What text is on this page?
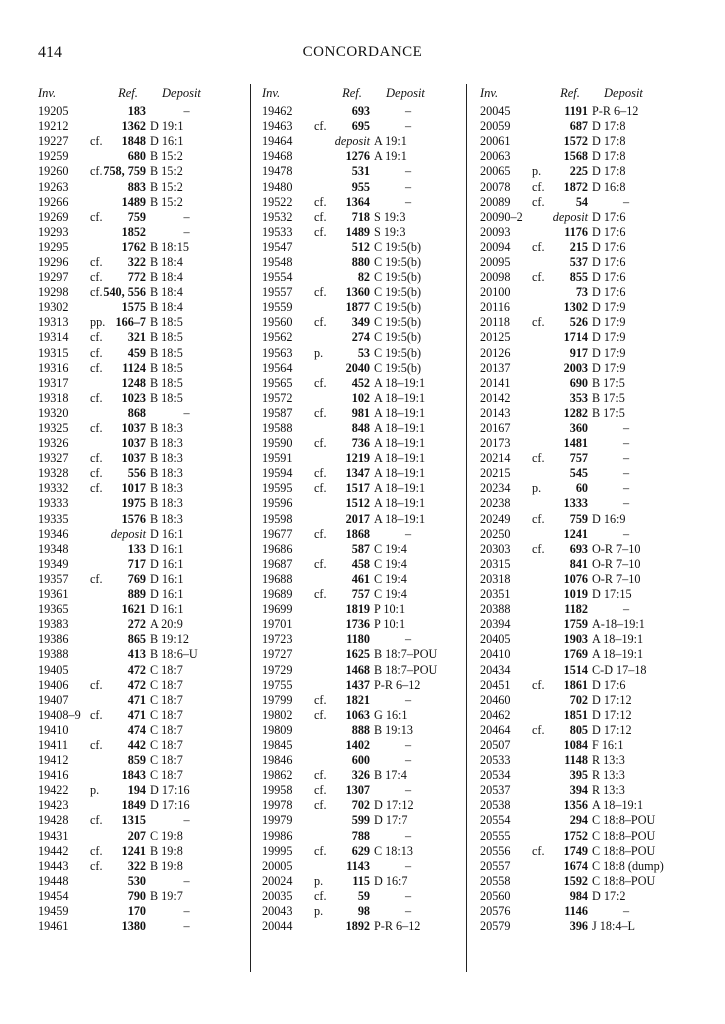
414	CONCORDANCE
Inv.	Ref.	Deposit
19205	183	–
19212	1362 D 19:1
19227	cf. 1848 D 16:1
19259	680 B 15:2
19260	cf. 758, 759 B 15:2
19263	883 B 15:2
19266	1489 B 15:2
19269	cf. 759	–
19293	1852	–
19295	1762 B 18:15
19296	cf. 322 B 18:4
19297	cf. 772 B 18:4
19298	cf. 540, 556 B 18:4
19302	1575 B 18:4
19313	pp. 166–7 B 18:5
19314	cf. 321 B 18:5
19315	cf. 459 B 18:5
19316	cf. 1124 B 18:5
19317	1248 B 18:5
19318	cf. 1023 B 18:5
19320	868	–
19325	cf. 1037 B 18:3
19326	1037 B 18:3
19327	cf. 1037 B 18:3
19328	cf. 556 B 18:3
19332	cf. 1017 B 18:3
19333	1975 B 18:3
19335	1576 B 18:3
19346	deposit D 16:1
19348	133 D 16:1
19349	717 D 16:1
19357	cf. 769 D 16:1
19361	889 D 16:1
19365	1621 D 16:1
19383	272 A 20:9
19386	865 B 19:12
19388	413 B 18:6–U
19405	472 C 18:7
19406	cf. 472 C 18:7
19407	471 C 18:7
19408–9 cf. 471 C 18:7
19410	474 C 18:7
19411	cf. 442 C 18:7
19412	859 C 18:7
19416	1843 C 18:7
19422	p. 194 D 17:16
19423	1849 D 17:16
19428	cf. 1315	–
19431	207 C 19:8
19442	cf. 1241 B 19:8
19443	cf. 322 B 19:8
19448	530	–
19454	790 B 19:7
19459	170	–
19461	1380	–
Inv.	Ref.	Deposit
19462	693	–
19463	cf. 695	–
19464	deposit A 19:1
19468	1276 A 19:1
19478	531	–
19480	955	–
19522	cf. 1364	–
19532	cf. 718 S 19:3
19533	cf. 1489 S 19:3
19547	512 C 19:5(b)
19548	880 C 19:5(b)
19554	82 C 19:5(b)
19557	cf. 1360 C 19:5(b)
19559	1877 C 19:5(b)
19560	cf. 349 C 19:5(b)
19562	274 C 19:5(b)
19563	p.	53 C 19:5(b)
19564	2040 C 19:5(b)
19565	cf. 452 A 18–19:1
19572	102 A 18–19:1
19587	cf. 981 A 18–19:1
19588	848 A 18–19:1
19590	cf. 736 A 18–19:1
19591	1219 A 18–19:1
19594	cf. 1347 A 18–19:1
19595	cf. 1517 A 18–19:1
19596	1512 A 18–19:1
19598	2017 A 18–19:1
19677	cf. 1868	–
19686	587 C 19:4
19687	cf. 458 C 19:4
19688	461 C 19:4
19689	cf. 757 C 19:4
19699	1819 P 10:1
19701	1736 P 10:1
19723	1180	–
19727	1625 B 18:7–POU
19729	1468 B 18:7–POU
19755	1437 P-R 6–12
19799	cf. 1821	–
19802	cf. 1063 G 16:1
19809	888 B 19:13
19845	1402	–
19846	600	–
19862	cf. 326 B 17:4
19958	cf. 1307	–
19978	cf. 702 D 17:12
19979	599 D 17:7
19986	788	–
19995	cf. 629 C 18:13
20005	1143	–
20024	p. 115 D 16:7
20035	cf.	59	–
20043	p.	98	–
20044	1892 P-R 6–12
Inv.	Ref.	Deposit
20045	1191 P-R 6–12
20059	687 D 17:8
20061	1572 D 17:8
20063	1568 D 17:8
20065	p. 225 D 17:8
20078	cf. 1872 D 16:8
20089	cf.	54	–
20090–2	deposit D 17:6
20093	1176 D 17:6
20094	cf. 215 D 17:6
20095	537 D 17:6
20098	cf. 855 D 17:6
20100	73 D 17:6
20116	1302 D 17:9
20118	cf. 526 D 17:9
20125	1714 D 17:9
20126	917 D 17:9
20137	2003 D 17:9
20141	690 B 17:5
20142	353 B 17:5
20143	1282 B 17:5
20167	360	–
20173	1481	–
20214	cf. 757	–
20215	545	–
20234	p.	60	–
20238	1333	–
20249	cf. 759 D 16:9
20250	1241	–
20303	cf. 693 O-R 7–10
20315	841 O-R 7–10
20318	1076 O-R 7–10
20351	1019 D 17:15
20388	1182	–
20394	1759 A-18–19:1
20405	1903 A 18–19:1
20410	1769 A 18–19:1
20434	1514 C-D 17–18
20451	cf. 1861 D 17:6
20460	702 D 17:12
20462	1851 D 17:12
20464	cf. 805 D 17:12
20507	1084 F 16:1
20533	1148 R 13:3
20534	395 R 13:3
20537	394 R 13:3
20538	1356 A 18–19:1
20554	294 C 18:8–POU
20555	1752 C 18:8–POU
20556	cf. 1749 C 18:8–POU
20557	1674 C 18:8 (dump)
20558	1592 C 18:8–POU
20560	984 D 17:2
20576	1146	–
20579	396 J 18:4–L
